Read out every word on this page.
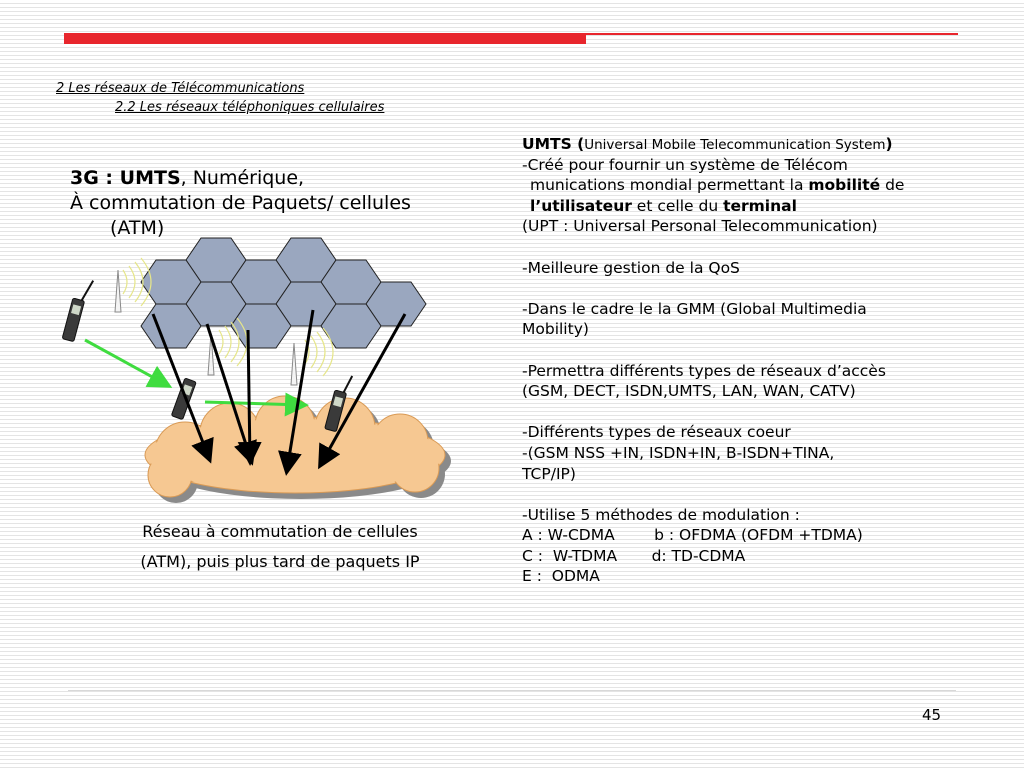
2 Les réseaux de Télécommunications
2.2 Les réseaux téléphoniques cellulaires
3G : UMTS, Numérique,
À commutation de Paquets/ cellules
(ATM)
Réseau à commutation de cellules
(ATM), puis plus tard de paquets IP
UMTS (Universal Mobile Telecommunication System)
-Créé pour fournir un système de Télécom
munications mondial permettant la mobilité de
l’utilisateur et celle du terminal
(UPT : Universal Personal Telecommunication)
-Meilleure gestion de la QoS
-Dans le cadre le la GMM (Global Multimedia
Mobility)
-Permettra différents types de réseaux d’accès
(GSM, DECT, ISDN,UMTS, LAN, WAN, CATV)
-Différents types de réseaux coeur
-(GSM NSS +IN, ISDN+IN, B-ISDN+TINA,
TCP/IP)
-Utilise 5 méthodes de modulation :
A : W-CDMA        b : OFDMA (OFDM +TDMA)
C :  W-TDMA       d: TD-CDMA
E :  ODMA
45
